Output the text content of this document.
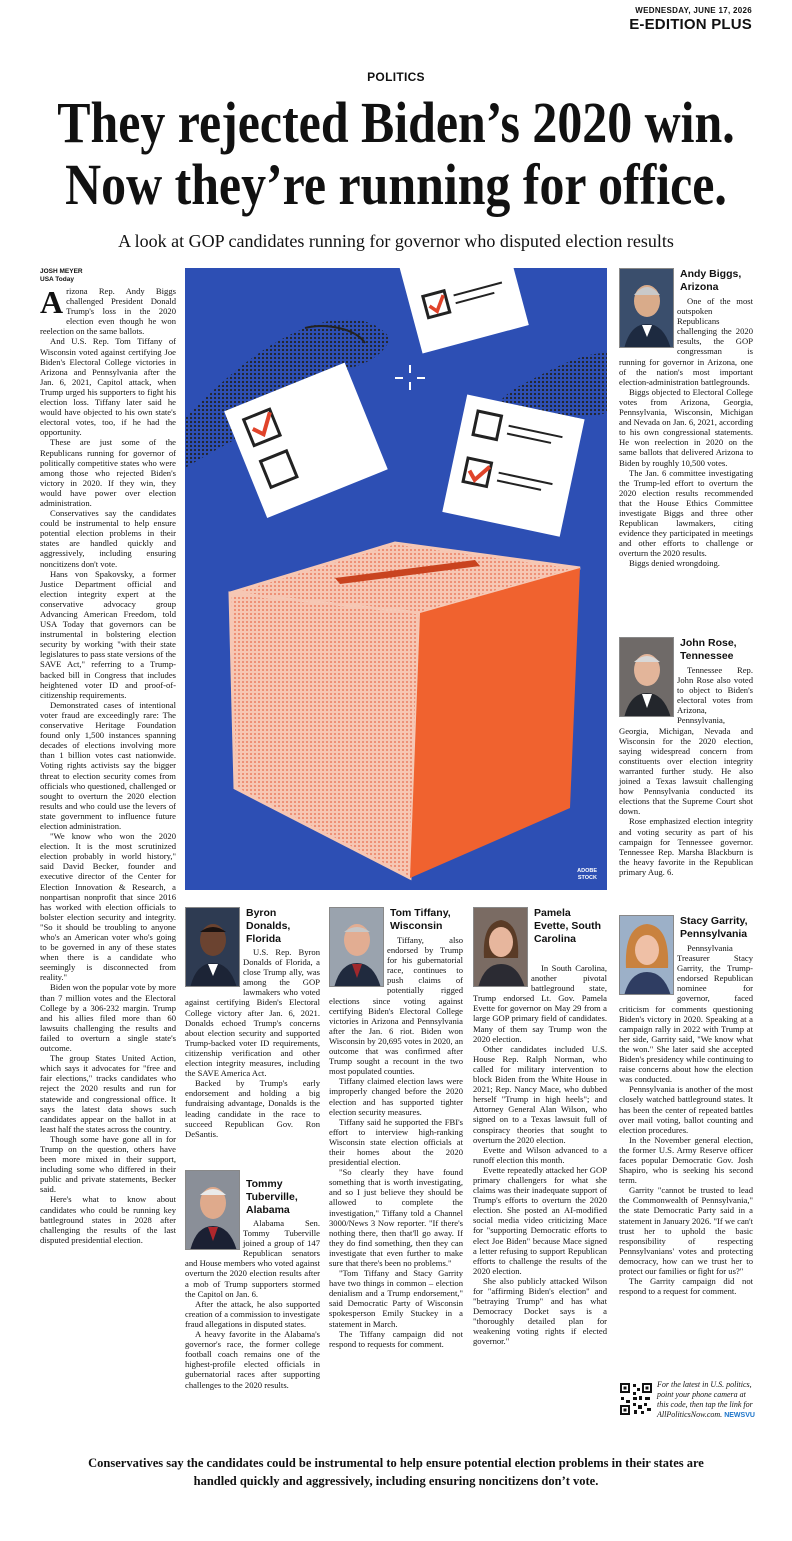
WEDNESDAY, JUNE 17, 2026
E-EDITION PLUS
POLITICS
They rejected Biden’s 2020 win.
Now they’re running for office.
A look at GOP candidates running for governor who disputed election results
JOSH MEYER
USA Today

Arizona Rep. Andy Biggs challenged President Donald Trump's loss in the 2020 election even though he won reelection on the same ballots.

And U.S. Rep. Tom Tiffany of Wisconsin voted against certifying Joe Biden's Electoral College victories in Arizona and Pennsylvania after the Jan. 6, 2021, Capitol attack, when Trump urged his supporters to fight his election loss. Tiffany later said he would have objected to his own state's electoral votes, too, if he had the opportunity.

These are just some of the Republicans running for governor of politically competitive states who were among those who rejected Biden's victory in 2020. If they win, they would have power over election administration.

Conservatives say the candidates could be instrumental to help ensure potential election problems in their states are handled quickly and aggressively, including ensuring noncitizens don't vote.

Hans von Spakovsky, a former Justice Department official and election integrity expert at the conservative advocacy group Advancing American Freedom, told USA Today that governors can be instrumental in bolstering election security by working "with their state legislatures to pass state versions of the SAVE Act," referring to a Trump-backed bill in Congress that includes heightened voter ID and proof-of-citizenship requirements.

Demonstrated cases of intentional voter fraud are exceedingly rare: The conservative Heritage Foundation found only 1,500 instances spanning decades of elections involving more than 1 billion votes cast nationwide. Voting rights activists say the bigger threat to election security comes from officials who questioned, challenged or sought to overturn the 2020 election results and who could use the levers of state government to influence future election administration.

"We know who won the 2020 election. It is the most scrutinized election probably in world history," said David Becker, founder and executive director of the Center for Election Innovation & Research, a nonpartisan nonprofit that since 2016 has worked with election officials to bolster election security and integrity. "So it should be troubling to anyone who's an American voter who's going to be governed in any of these states when there is a candidate who seemingly is disconnected from reality."

Biden won the popular vote by more than 7 million votes and the Electoral College by a 306-232 margin. Trump and his allies filed more than 60 lawsuits challenging the results and failed to overturn a single state's outcome.

The group States United Action, which says it advocates for "free and fair elections," tracks candidates who reject the 2020 results and run for statewide and congressional office. It says the latest data shows such candidates appear on the ballot in at least half the states across the country.

Though some have gone all in for Trump on the question, others have been more mixed in their support, including some who differed in their public and private statements, Becker said.

Here's what to know about candidates who could be running key battleground states in 2028 after challenging the results of the last disputed presidential election.

ADOBE
STOCK
Andy Biggs, Arizona

One of the most outspoken Republicans challenging the 2020 results, the GOP congressman is running for governor in Arizona, one of the nation's most important election-administration battlegrounds.

Biggs objected to Electoral College votes from Arizona, Georgia, Pennsylvania, Wisconsin, Michigan and Nevada on Jan. 6, 2021, according to his own congressional statements. He won reelection in 2020 on the same ballots that delivered Arizona to Biden by roughly 10,500 votes.

The Jan. 6 committee investigating the Trump-led effort to overturn the 2020 election results recommended that the House Ethics Committee investigate Biggs and three other Republican lawmakers, citing evidence they participated in meetings and other efforts to challenge or overturn the 2020 results.

Biggs denied wrongdoing.

John Rose, Tennessee

Tennessee Rep. John Rose also voted to object to Biden's electoral votes from Arizona, Pennsylvania, Georgia, Michigan, Nevada and Wisconsin for the 2020 election, saying widespread concern from constituents over election integrity warranted further study. He also joined a Texas lawsuit challenging how Pennsylvania conducted its elections that the Supreme Court shot down.

Rose emphasized election integrity and voting security as part of his campaign for Tennessee governor. Tennessee Rep. Marsha Blackburn is the heavy favorite in the Republican primary Aug. 6.

Byron Donalds, Florida

U.S. Rep. Byron Donalds of Florida, a close Trump ally, was among the GOP lawmakers who voted against certifying Biden's Electoral College victory after Jan. 6, 2021. Donalds echoed Trump's concerns about election security and supported Trump-backed voter ID requirements, citizenship verification and other election integrity measures, including the SAVE America Act.

Backed by Trump's early endorsement and holding a big fundraising advantage, Donalds is the leading candidate in the race to succeed Republican Gov. Ron DeSantis.

Tommy Tuberville, Alabama

Alabama Sen. Tommy Tuberville joined a group of 147 Republican senators and House members who voted against overturn the 2020 election results after a mob of Trump supporters stormed the Capitol on Jan. 6.

After the attack, he also supported creation of a commission to investigate fraud allegations in disputed states.

A heavy favorite in the Alabama's governor's race, the former college football coach remains one of the highest-profile elected officials in gubernatorial races after supporting challenges to the 2020 results.

Tom Tiffany, Wisconsin

Tiffany, also endorsed by Trump for his gubernatorial race, continues to push claims of potentially rigged elections since voting against certifying Biden's Electoral College victories in Arizona and Pennsylvania after the Jan. 6 riot. Biden won Wisconsin by 20,695 votes in 2020, an outcome that was confirmed after Trump sought a recount in the two most populated counties.

Tiffany claimed election laws were improperly changed before the 2020 election and has supported tighter election security measures.

Tiffany said he supported the FBI's effort to interview high-ranking Wisconsin state election officials at their homes about the 2020 presidential election.

"So clearly they have found something that is worth investigating, and so I just believe they should be allowed to complete the investigation," Tiffany told a Channel 3000/News 3 Now reporter. "If there's nothing there, then that'll go away. If they do find something, then they can investigate that even further to make sure that there's been no problems."

"Tom Tiffany and Stacy Garrity have two things in common – election denialism and a Trump endorsement," said Democratic Party of Wisconsin spokesperson Emily Stuckey in a statement in March.

The Tiffany campaign did not respond to requests for comment.

Pamela Evette, South Carolina

In South Carolina, another pivotal battleground state, Trump endorsed Lt. Gov. Pamela Evette for governor on May 29 from a large GOP primary field of candidates. Many of them say Trump won the 2020 election.

Other candidates included U.S. House Rep. Ralph Norman, who called for military intervention to block Biden from the White House in 2021; Rep. Nancy Mace, who dubbed herself "Trump in high heels"; and Attorney General Alan Wilson, who signed on to a Texas lawsuit full of conspiracy theories that sought to overturn the 2020 election.

Evette and Wilson advanced to a runoff election this month.

Evette repeatedly attacked her GOP primary challengers for what she claims was their inadequate support of Trump's efforts to overturn the 2020 election. She posted an AI-modified social media video criticizing Mace for "supporting Democratic efforts to elect Joe Biden" because Mace signed a letter refusing to support Republican efforts to challenge the results of the 2020 election.

She also publicly attacked Wilson for "affirming Biden's election" and "betraying Trump" and has what Democracy Docket says is a "thoroughly detailed plan for weakening voting rights if elected governor."

Stacy Garrity, Pennsylvania

Pennsylvania Treasurer Stacy Garrity, the Trump-endorsed Republican nominee for governor, faced criticism for comments questioning Biden's victory in 2020. Speaking at a campaign rally in 2022 with Trump at her side, Garrity said, "We know what the won." She later said she accepted Biden's presidency while continuing to raise concerns about how the election was conducted.

Pennsylvania is another of the most closely watched battleground states. It has been the center of repeated battles over mail voting, ballot counting and election procedures.

In the November general election, the former U.S. Army Reserve officer faces popular Democratic Gov. Josh Shapiro, who is seeking his second term.

Garrity "cannot be trusted to lead the Commonwealth of Pennsylvania," the state Democratic Party said in a statement in January 2026. "If we can't trust her to uphold the basic responsibility of respecting Pennsylvanians' votes and protecting democracy, how can we trust her to protect our families or fight for us?"

The Garrity campaign did not respond to a request for comment.

For the latest in U.S. politics, point your phone camera at this code, then tap the link for AllPoliticsNow.com. NEWSVU
Conservatives say the candidates could be instrumental to help ensure potential election problems in their states are handled quickly and aggressively, including ensuring noncitizens don’t vote.
